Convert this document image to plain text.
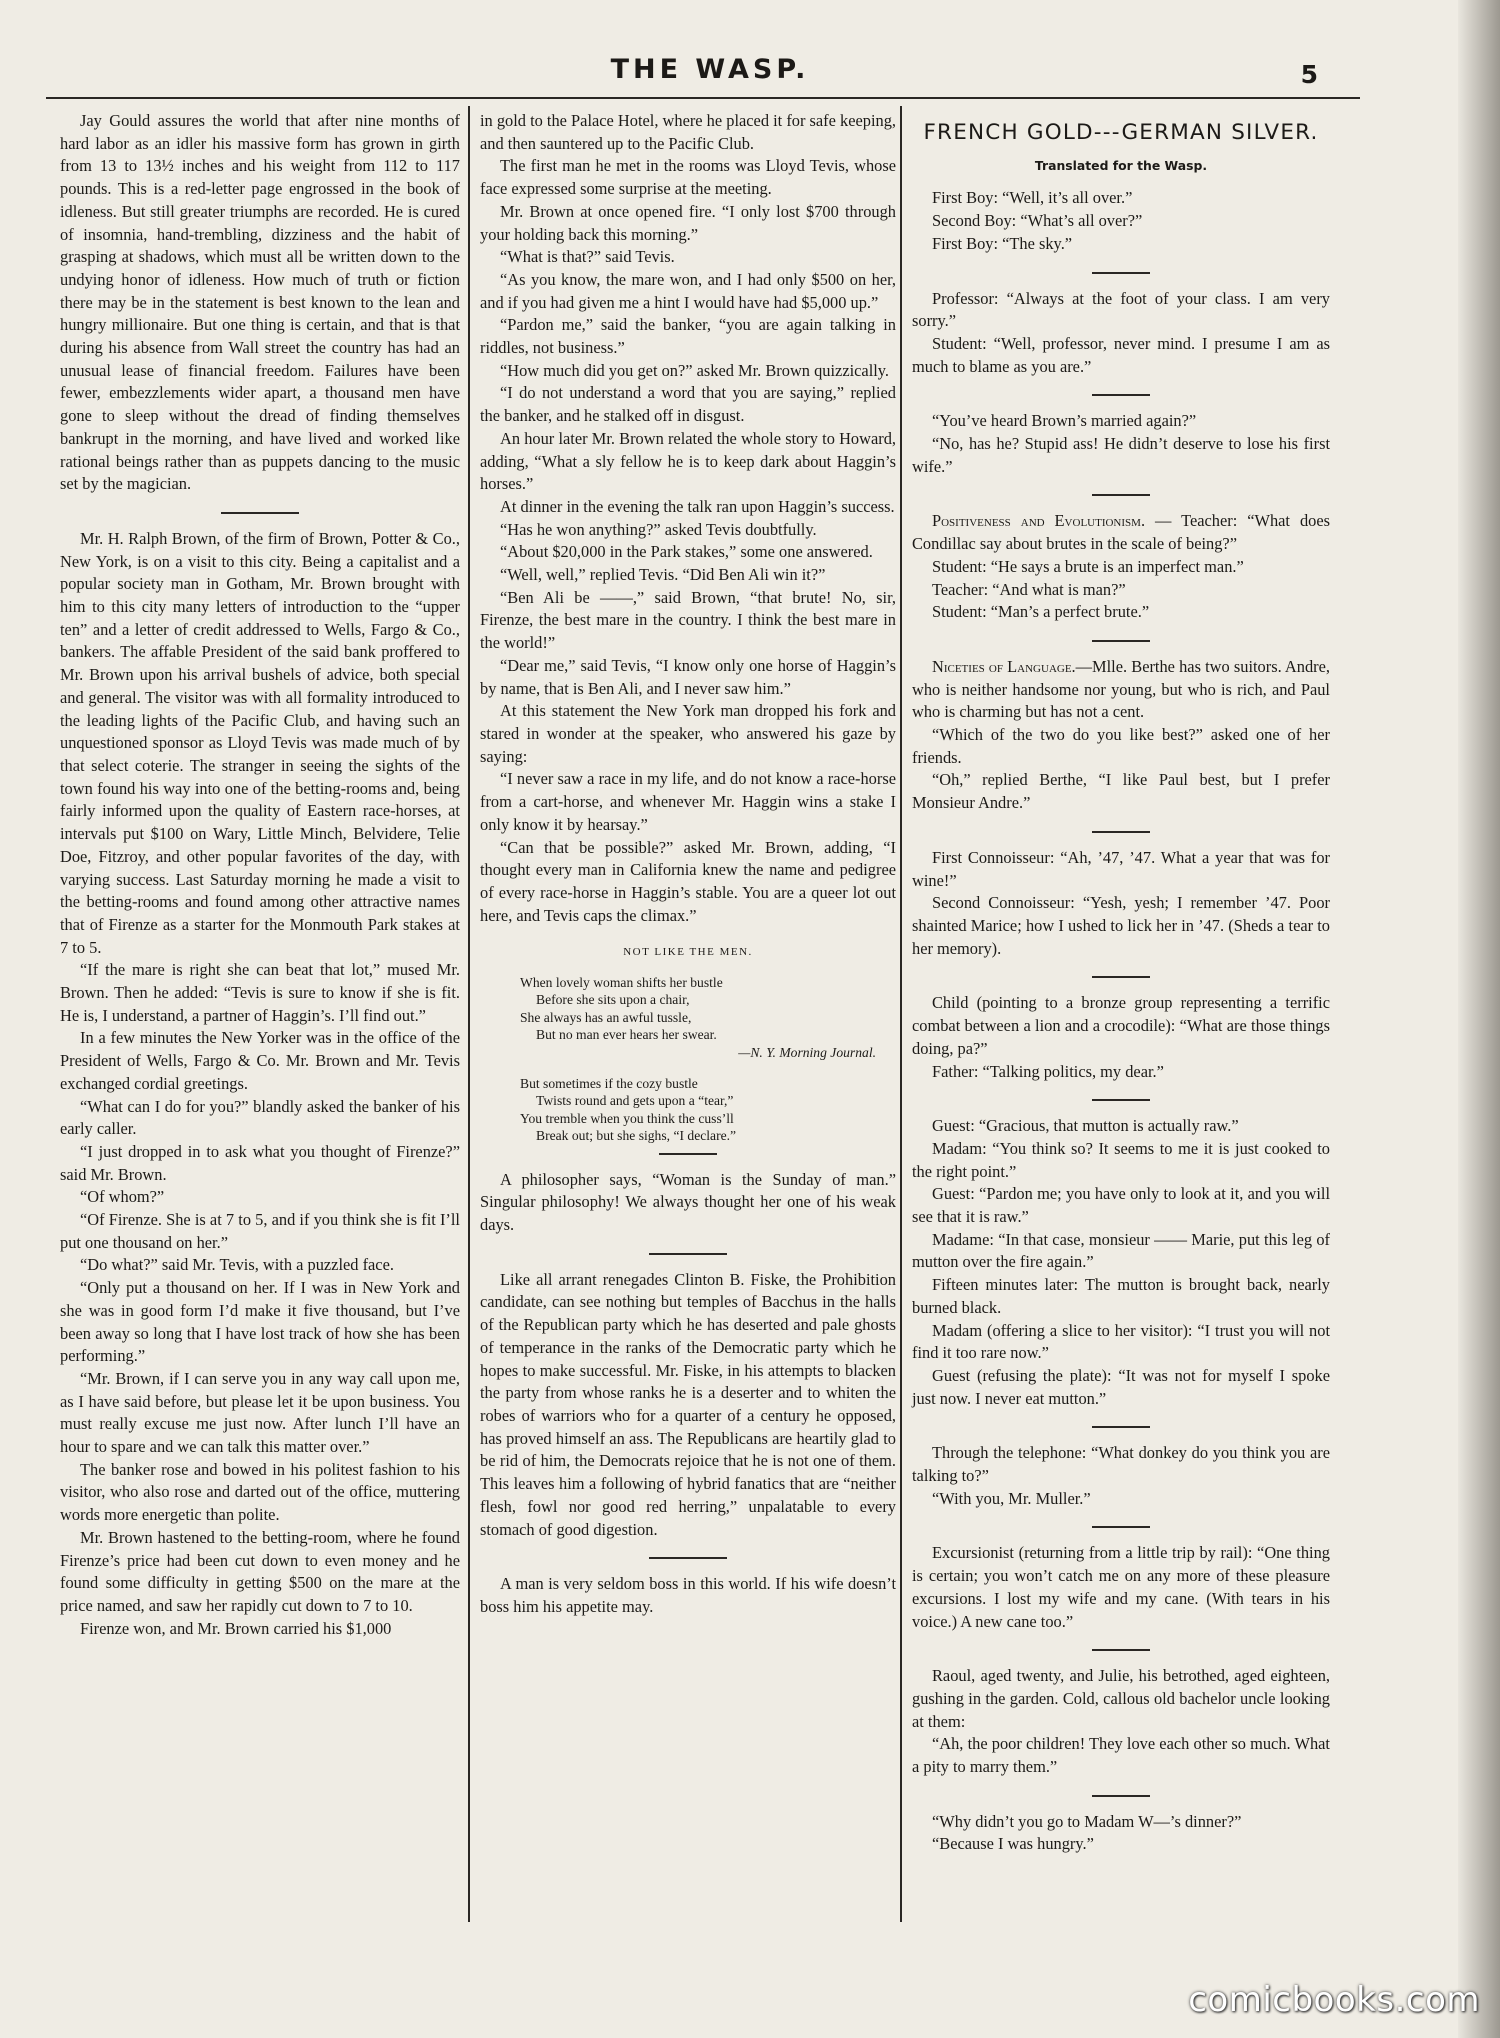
THE WASP.	5

Jay Gould assures the world that after nine months of hard labor as an idler his massive form has grown in girth from 13 to 13½ inches and his weight from 112 to 117 pounds. This is a red-letter page engrossed in the book of idleness. But still greater triumphs are recorded. He is cured of insomnia, hand-trembling, dizziness and the habit of grasping at shadows, which must all be written down to the undying honor of idleness. How much of truth or fiction there may be in the statement is best known to the lean and hungry millionaire. But one thing is certain, and that is that during his absence from Wall street the country has had an unusual lease of financial freedom. Failures have been fewer, embezzlements wider apart, a thousand men have gone to sleep without the dread of finding themselves bankrupt in the morning, and have lived and worked like rational beings rather than as puppets dancing to the music set by the magician.

Mr. H. Ralph Brown, of the firm of Brown, Potter & Co., New York, is on a visit to this city. Being a capitalist and a popular society man in Gotham, Mr. Brown brought with him to this city many letters of introduction to the “upper ten” and a letter of credit addressed to Wells, Fargo & Co., bankers. The affable President of the said bank proffered to Mr. Brown upon his arrival bushels of advice, both special and general. The visitor was with all formality introduced to the leading lights of the Pacific Club, and having such an unquestioned sponsor as Lloyd Tevis was made much of by that select coterie. The stranger in seeing the sights of the town found his way into one of the betting-rooms and, being fairly informed upon the quality of Eastern race-horses, at intervals put $100 on Wary, Little Minch, Belvidere, Telie Doe, Fitzroy, and other popular favorites of the day, with varying success. Last Saturday morning he made a visit to the betting-rooms and found among other attractive names that of Firenze as a starter for the Monmouth Park stakes at 7 to 5.

“If the mare is right she can beat that lot,” mused Mr. Brown. Then he added: “Tevis is sure to know if she is fit. He is, I understand, a partner of Haggin’s. I’ll find out.”

In a few minutes the New Yorker was in the office of the President of Wells, Fargo & Co. Mr. Brown and Mr. Tevis exchanged cordial greetings.

“What can I do for you?” blandly asked the banker of his early caller.

“I just dropped in to ask what you thought of Firenze?” said Mr. Brown.

“Of whom?”

“Of Firenze. She is at 7 to 5, and if you think she is fit I’ll put one thousand on her.”

“Do what?” said Mr. Tevis, with a puzzled face.

“Only put a thousand on her. If I was in New York and she was in good form I’d make it five thousand, but I’ve been away so long that I have lost track of how she has been performing.”

“Mr. Brown, if I can serve you in any way call upon me, as I have said before, but please let it be upon business. You must really excuse me just now. After lunch I’ll have an hour to spare and we can talk this matter over.”

The banker rose and bowed in his politest fashion to his visitor, who also rose and darted out of the office, muttering words more energetic than polite.

Mr. Brown hastened to the betting-room, where he found Firenze’s price had been cut down to even money and he found some difficulty in getting $500 on the mare at the price named, and saw her rapidly cut down to 7 to 10.

Firenze won, and Mr. Brown carried his $1,000

in gold to the Palace Hotel, where he placed it for safe keeping, and then sauntered up to the Pacific Club.

The first man he met in the rooms was Lloyd Tevis, whose face expressed some surprise at the meeting.

Mr. Brown at once opened fire. “I only lost $700 through your holding back this morning.”

“What is that?” said Tevis.

“As you know, the mare won, and I had only $500 on her, and if you had given me a hint I would have had $5,000 up.”

“Pardon me,” said the banker, “you are again talking in riddles, not business.”

“How much did you get on?” asked Mr. Brown quizzically.

“I do not understand a word that you are saying,” replied the banker, and he stalked off in disgust.

An hour later Mr. Brown related the whole story to Howard, adding, “What a sly fellow he is to keep dark about Haggin’s horses.”

At dinner in the evening the talk ran upon Haggin’s success.

“Has he won anything?” asked Tevis doubtfully.

“About $20,000 in the Park stakes,” some one answered.

“Well, well,” replied Tevis. “Did Ben Ali win it?”

“Ben Ali be ——,” said Brown, “that brute! No, sir, Firenze, the best mare in the country. I think the best mare in the world!”

“Dear me,” said Tevis, “I know only one horse of Haggin’s by name, that is Ben Ali, and I never saw him.”

At this statement the New York man dropped his fork and stared in wonder at the speaker, who answered his gaze by saying:

“I never saw a race in my life, and do not know a race-horse from a cart-horse, and whenever Mr. Haggin wins a stake I only know it by hearsay.”

“Can that be possible?” asked Mr. Brown, adding, “I thought every man in California knew the name and pedigree of every race-horse in Haggin’s stable. You are a queer lot out here, and Tevis caps the climax.”

NOT LIKE THE MEN.
When lovely woman shifts her bustle
Before she sits upon a chair,
She always has an awful tussle,
But no man ever hears her swear.
—N. Y. Morning Journal.
But sometimes if the cozy bustle
Twists round and gets upon a “tear,”
You tremble when you think the cuss’ll
Break out; but she sighs, “I declare.”

A philosopher says, “Woman is the Sunday of man.” Singular philosophy! We always thought her one of his weak days.

Like all arrant renegades Clinton B. Fiske, the Prohibition candidate, can see nothing but temples of Bacchus in the halls of the Republican party which he has deserted and pale ghosts of temperance in the ranks of the Democratic party which he hopes to make successful. Mr. Fiske, in his attempts to blacken the party from whose ranks he is a deserter and to whiten the robes of warriors who for a quarter of a century he opposed, has proved himself an ass. The Republicans are heartily glad to be rid of him, the Democrats rejoice that he is not one of them. This leaves him a following of hybrid fanatics that are “neither flesh, fowl nor good red herring,” unpalatable to every stomach of good digestion.

A man is very seldom boss in this world. If his wife doesn’t boss him his appetite may.

FRENCH GOLD---GERMAN SILVER.
Translated for the Wasp.

First Boy: “Well, it’s all over.”

Second Boy: “What’s all over?”

First Boy: “The sky.”

Professor: “Always at the foot of your class. I am very sorry.”

Student: “Well, professor, never mind. I presume I am as much to blame as you are.”

“You’ve heard Brown’s married again?”

“No, has he? Stupid ass! He didn’t deserve to lose his first wife.”

Positiveness and Evolutionism. — Teacher: “What does Condillac say about brutes in the scale of being?”

Student: “He says a brute is an imperfect man.”

Teacher: “And what is man?”

Student: “Man’s a perfect brute.”

Niceties of Language.—Mlle. Berthe has two suitors. Andre, who is neither handsome nor young, but who is rich, and Paul who is charming but has not a cent.

“Which of the two do you like best?” asked one of her friends.

“Oh,” replied Berthe, “I like Paul best, but I prefer Monsieur Andre.”

First Connoisseur: “Ah, ’47, ’47. What a year that was for wine!”

Second Connoisseur: “Yesh, yesh; I remember ’47. Poor shainted Marice; how I ushed to lick her in ’47. (Sheds a tear to her memory).

Child (pointing to a bronze group representing a terrific combat between a lion and a crocodile): “What are those things doing, pa?”

Father: “Talking politics, my dear.”

Guest: “Gracious, that mutton is actually raw.”

Madam: “You think so? It seems to me it is just cooked to the right point.”

Guest: “Pardon me; you have only to look at it, and you will see that it is raw.”

Madame: “In that case, monsieur —— Marie, put this leg of mutton over the fire again.”

Fifteen minutes later: The mutton is brought back, nearly burned black.

Madam (offering a slice to her visitor): “I trust you will not find it too rare now.”

Guest (refusing the plate): “It was not for myself I spoke just now. I never eat mutton.”

Through the telephone: “What donkey do you think you are talking to?”

“With you, Mr. Muller.”

Excursionist (returning from a little trip by rail): “One thing is certain; you won’t catch me on any more of these pleasure excursions. I lost my wife and my cane. (With tears in his voice.) A new cane too.”

Raoul, aged twenty, and Julie, his betrothed, aged eighteen, gushing in the garden. Cold, callous old bachelor uncle looking at them:

“Ah, the poor children! They love each other so much. What a pity to marry them.”

“Why didn’t you go to Madam W—’s dinner?”

“Because I was hungry.”

comicbooks.com
